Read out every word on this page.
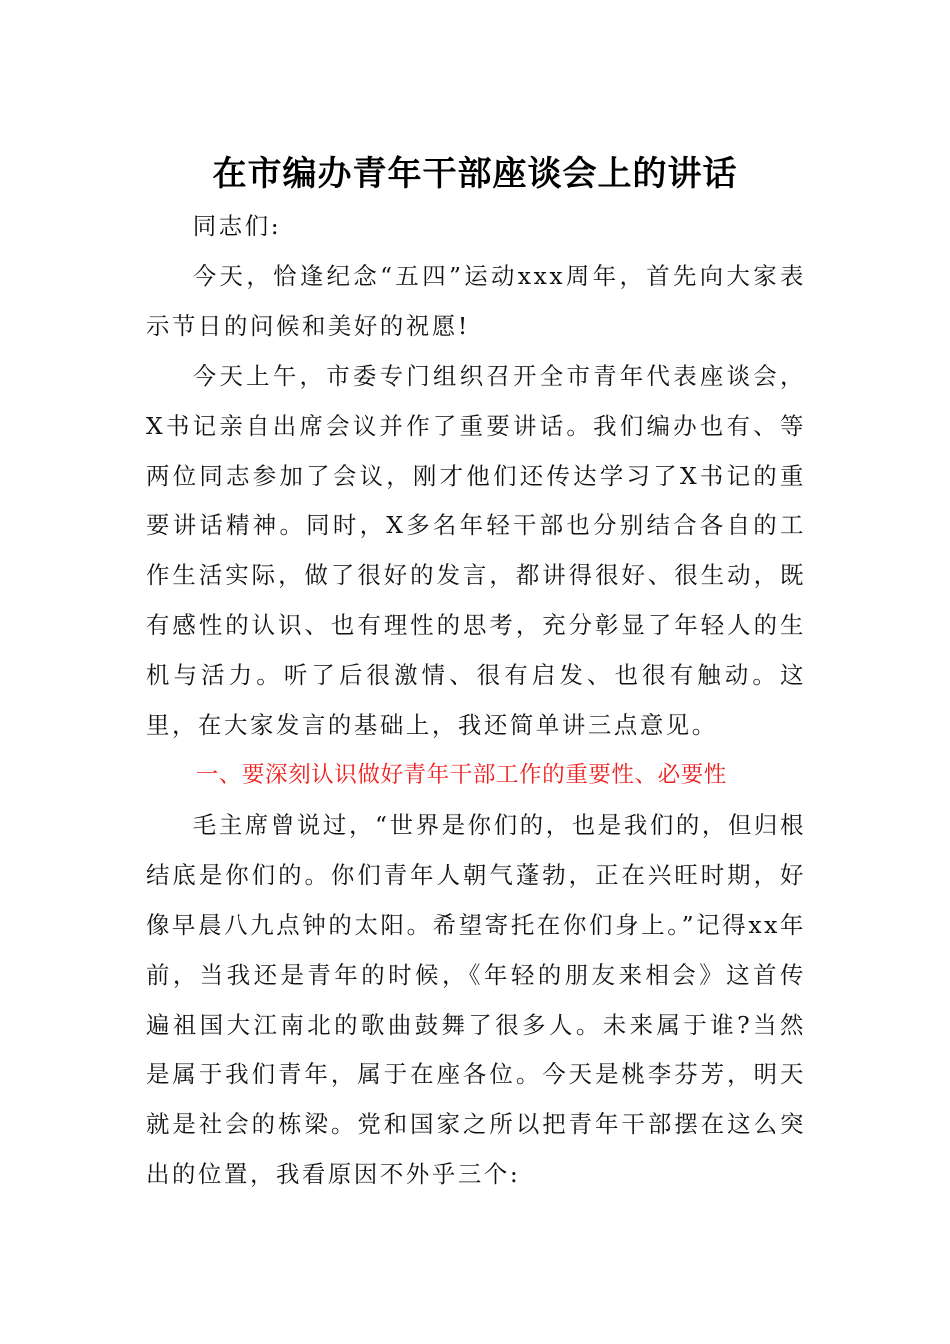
在市编办青年干部座谈会上的讲话

同志们:

今天，恰逢纪念“五四”运动xxx周年，首先向大家表示节日的问候和美好的祝愿!

今天上午，市委专门组织召开全市青年代表座谈会，X书记亲自出席会议并作了重要讲话。我们编办也有、等两位同志参加了会议，刚才他们还传达学习了X书记的重要讲话精神。同时，X多名年轻干部也分别结合各自的工作生活实际，做了很好的发言，都讲得很好、很生动，既有感性的认识、也有理性的思考，充分彰显了年轻人的生机与活力。听了后很激情、很有启发、也很有触动。这里，在大家发言的基础上，我还简单讲三点意见。

一、要深刻认识做好青年干部工作的重要性、必要性

毛主席曾说过，“世界是你们的，也是我们的，但归根结底是你们的。你们青年人朝气蓬勃，正在兴旺时期，好像早晨八九点钟的太阳。希望寄托在你们身上。”记得xx年前，当我还是青年的时候，《年轻的朋友来相会》这首传遍祖国大江南北的歌曲鼓舞了很多人。未来属于谁?当然是属于我们青年，属于在座各位。今天是桃李芬芳，明天就是社会的栋梁。党和国家之所以把青年干部摆在这么突出的位置，我看原因不外乎三个:
